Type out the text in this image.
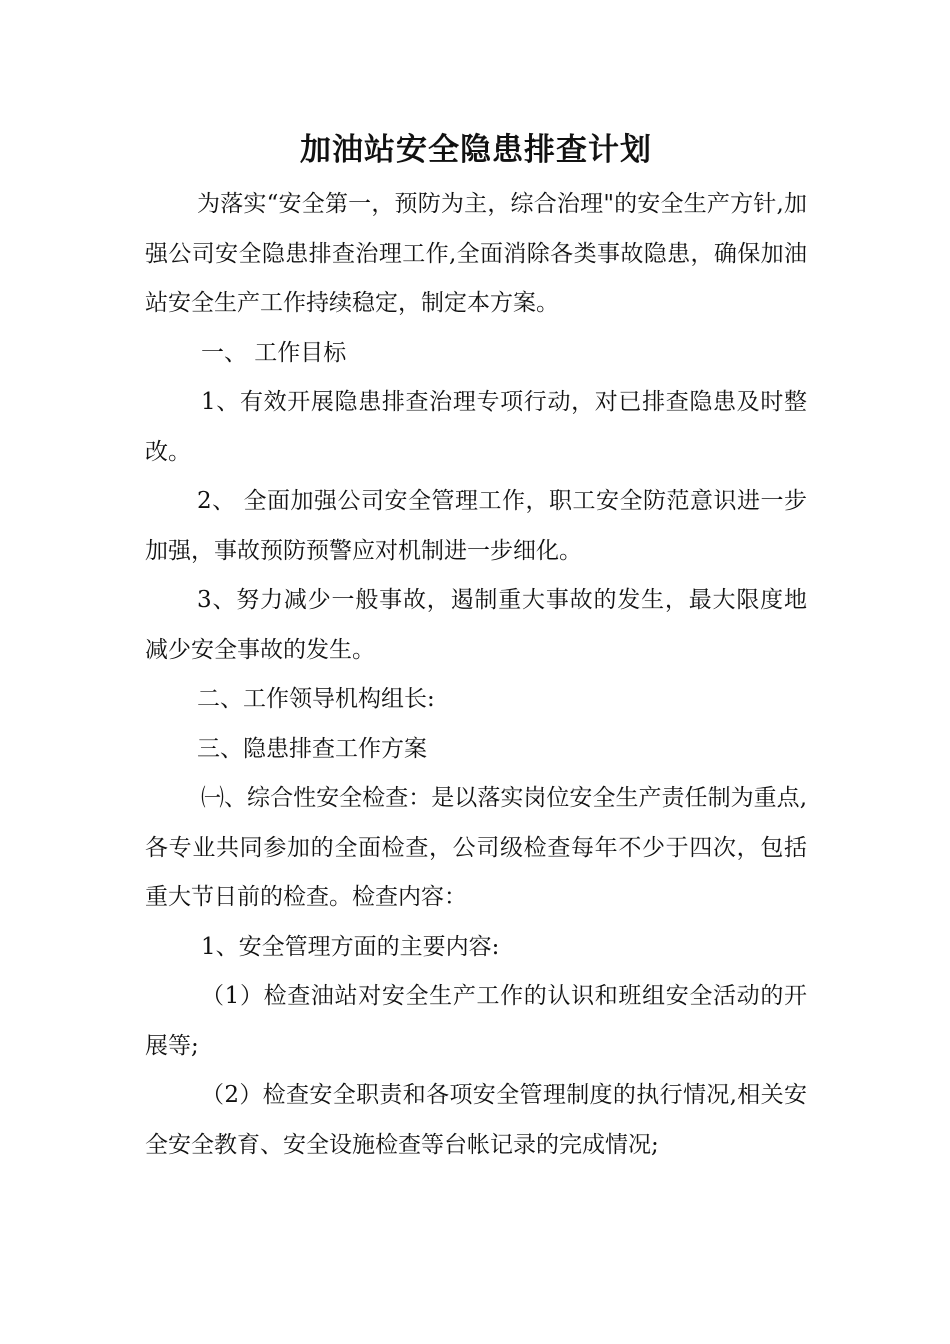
加油站安全隐患排查计划

为落实“安全第一，预防为主，综合治理"的安全生产方针,加强公司安全隐患排查治理工作,全面消除各类事故隐患，确保加油站安全生产工作持续稳定，制定本方案。

一、 工作目标

1、有效开展隐患排查治理专项行动，对已排查隐患及时整改。

2、 全面加强公司安全管理工作，职工安全防范意识进一步加强，事故预防预警应对机制进一步细化。

3、努力减少一般事故，遏制重大事故的发生，最大限度地减少安全事故的发生。

二、工作领导机构组长:

三、隐患排查工作方案

㈠、综合性安全检查：是以落实岗位安全生产责任制为重点,各专业共同参加的全面检查，公司级检查每年不少于四次，包括重大节日前的检查。检查内容：

1、安全管理方面的主要内容:

（1）检查油站对安全生产工作的认识和班组安全活动的开展等;

（2）检查安全职责和各项安全管理制度的执行情况,相关安全安全教育、安全设施检查等台帐记录的完成情况;
